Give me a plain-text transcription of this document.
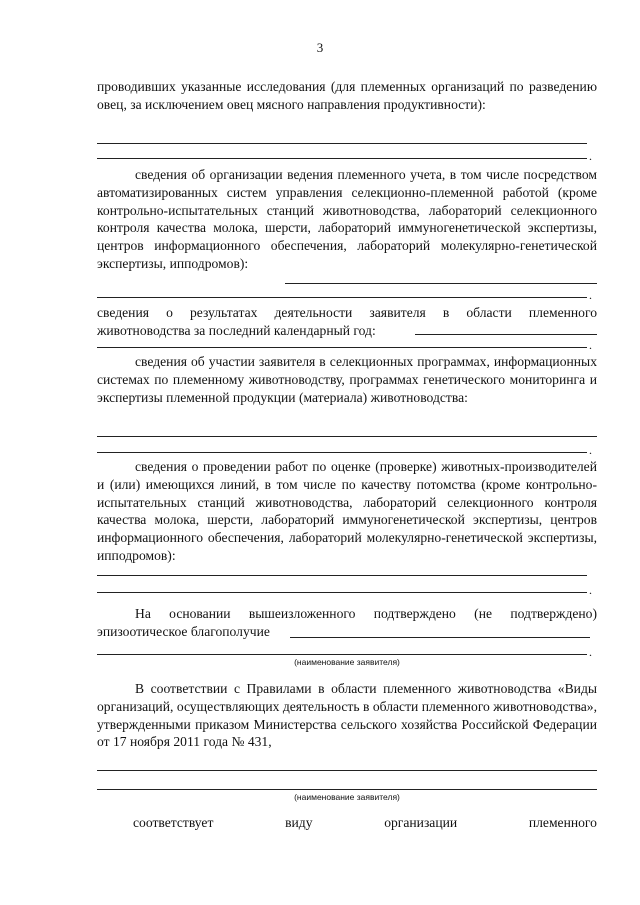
3
проводивших указанные исследования (для племенных организаций по разведению овец, за исключением овец мясного направления продуктивности):
.
сведения об организации ведения племенного учета, в том числе посредством автоматизированных систем управления селекционно-племенной работой (кроме контрольно-испытательных станций животноводства, лабораторий селекционного контроля качества молока, шерсти, лабораторий иммуногенетической экспертизы, центров информационного обеспечения, лабораторий молекулярно-генетической экспертизы, ипподромов):
.
сведения о результатах деятельности заявителя в области племенного животноводства за последний календарный год:
.
сведения об участии заявителя в селекционных программах, информационных системах по племенному животноводству, программах генетического мониторинга и экспертизы племенной продукции (материала) животноводства:
.
сведения о проведении работ по оценке (проверке) животных-производителей и (или) имеющихся линий, в том числе по качеству потомства (кроме контрольно-испытательных станций животноводства, лабораторий селекционного контроля качества молока, шерсти, лабораторий иммуногенетической экспертизы, центров информационного обеспечения, лабораторий молекулярно-генетической экспертизы, ипподромов):
.
На основании вышеизложенного подтверждено (не подтверждено) эпизоотическое благополучие
.
(наименование заявителя)
В соответствии с Правилами в области племенного животноводства «Виды организаций, осуществляющих деятельность в области племенного животноводства», утвержденными приказом Министерства сельского хозяйства Российской Федерации от 17 ноября 2011 года № 431,
(наименование заявителя)
соответствует	виду	организации	племенного
